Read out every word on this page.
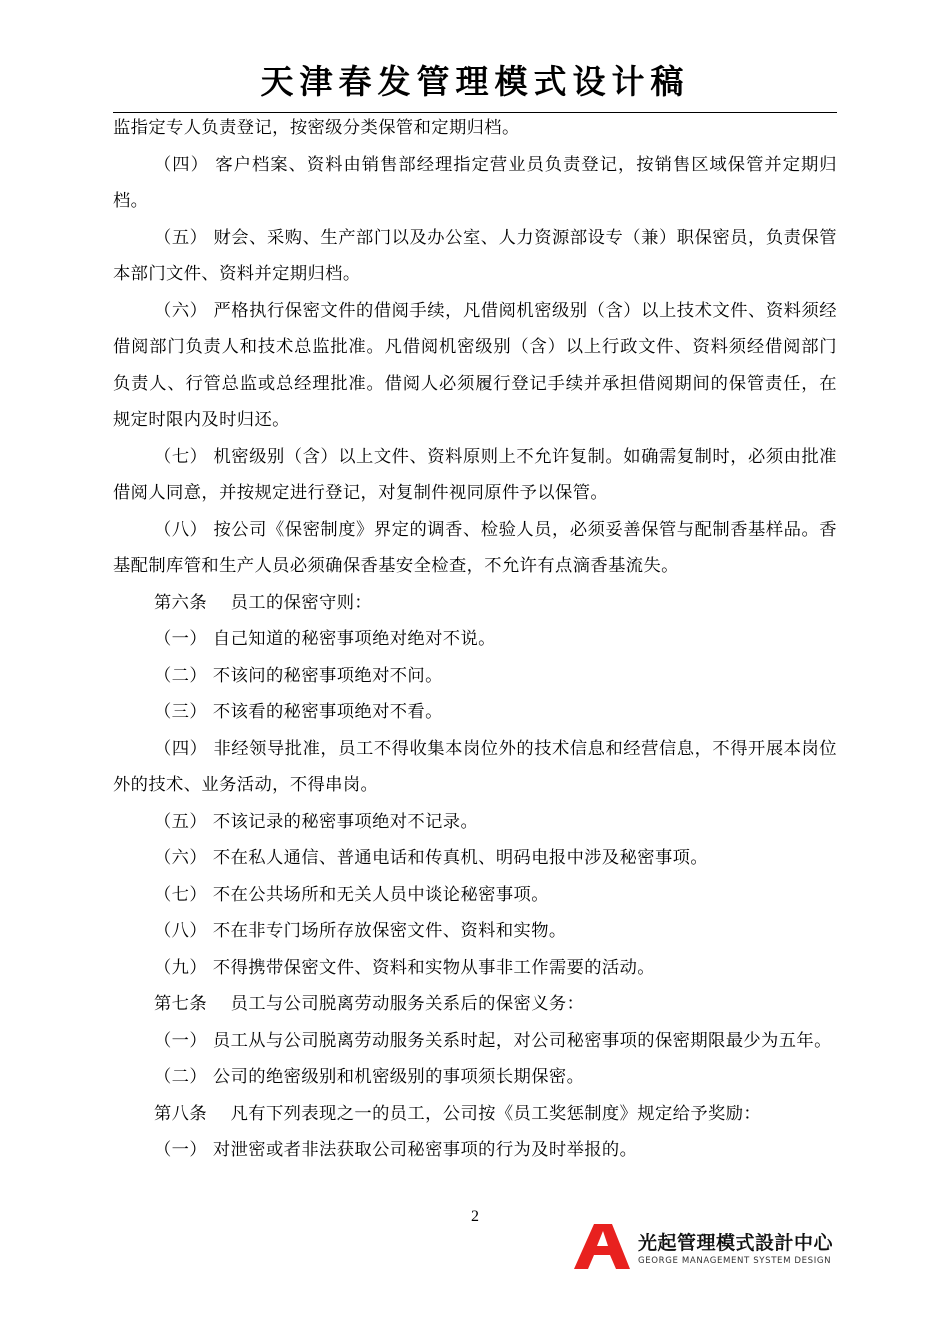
天津春发管理模式设计稿

监指定专人负责登记，按密级分类保管和定期归档。

（四） 客户档案、资料由销售部经理指定营业员负责登记，按销售区域保管并定期归档。

（五） 财会、采购、生产部门以及办公室、人力资源部设专（兼）职保密员，负责保管本部门文件、资料并定期归档。

（六） 严格执行保密文件的借阅手续，凡借阅机密级别（含）以上技术文件、资料须经借阅部门负责人和技术总监批准。凡借阅机密级别（含）以上行政文件、资料须经借阅部门负责人、行管总监或总经理批准。借阅人必须履行登记手续并承担借阅期间的保管责任，在规定时限内及时归还。

（七） 机密级别（含）以上文件、资料原则上不允许复制。如确需复制时，必须由批准借阅人同意，并按规定进行登记，对复制件视同原件予以保管。

（八） 按公司《保密制度》界定的调香、检验人员，必须妥善保管与配制香基样品。香基配制库管和生产人员必须确保香基安全检查，不允许有点滴香基流失。

第六条　 员工的保密守则：

（一） 自己知道的秘密事项绝对绝对不说。

（二） 不该问的秘密事项绝对不问。

（三） 不该看的秘密事项绝对不看。

（四） 非经领导批准，员工不得收集本岗位外的技术信息和经营信息，不得开展本岗位外的技术、业务活动，不得串岗。

（五） 不该记录的秘密事项绝对不记录。

（六） 不在私人通信、普通电话和传真机、明码电报中涉及秘密事项。

（七） 不在公共场所和无关人员中谈论秘密事项。

（八） 不在非专门场所存放保密文件、资料和实物。

（九） 不得携带保密文件、资料和实物从事非工作需要的活动。

第七条　 员工与公司脱离劳动服务关系后的保密义务：

（一） 员工从与公司脱离劳动服务关系时起，对公司秘密事项的保密期限最少为五年。

（二） 公司的绝密级别和机密级别的事项须长期保密。

第八条　 凡有下列表现之一的员工，公司按《员工奖惩制度》规定给予奖励：

（一） 对泄密或者非法获取公司秘密事项的行为及时举报的。

2
光起管理模式設計中心
GEORGE MANAGEMENT SYSTEM DESIGN
